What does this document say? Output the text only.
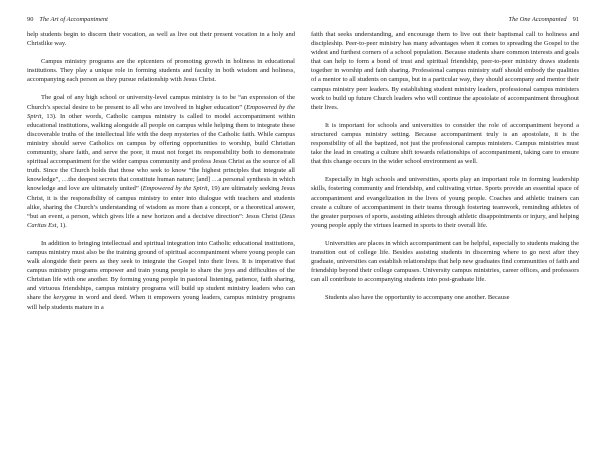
90 The Art of Accompaniment

help students begin to discern their vocation, as well as live out their present vocation in a holy and Christlike way.

Campus ministry programs are the epicenters of promoting growth in holiness in educational institutions. They play a unique role in forming students and faculty in both wisdom and holiness, accompanying each person as they pursue relationship with Jesus Christ.

The goal of any high school or university-level campus ministry is to be “an expression of the Church’s special desire to be present to all who are involved in higher education” (Empowered by the Spirit, 13). In other words, Catholic campus ministry is called to model accompaniment within educational institutions, walking alongside all people on campus while helping them to integrate these discoverable truths of the intellectual life with the deep mysteries of the Catholic faith. While campus ministry should serve Catholics on campus by offering opportunities to worship, build Christian community, share faith, and serve the poor, it must not forget its responsibility both to demonstrate spiritual accompaniment for the wider campus community and profess Jesus Christ as the source of all truth. Since the Church holds that those who seek to know “the highest principles that integrate all knowledge”, …the deepest secrets that constitute human nature; [and] …a personal synthesis in which knowledge and love are ultimately united” (Empowered by the Spirit, 19) are ultimately seeking Jesus Christ, it is the responsibility of campus ministry to enter into dialogue with teachers and students alike, sharing the Church’s understanding of wisdom as more than a concept, or a theoretical answer, “but an event, a person, which gives life a new horizon and a decisive direction”: Jesus Christ (Deus Caritas Est, 1).

In addition to bringing intellectual and spiritual integration into Catholic educational institutions, campus ministry must also be the training ground of spiritual accompaniment where young people can walk alongside their peers as they seek to integrate the Gospel into their lives. It is imperative that campus ministry programs empower and train young people to share the joys and difficulties of the Christian life with one another. By forming young people in pastoral listening, patience, faith sharing, and virtuous friendships, campus ministry programs will build up student ministry leaders who can share the kerygma in word and deed. When it empowers young leaders, campus ministry programs will help students mature in a

The One Accompanied 91

faith that seeks understanding, and encourage them to live out their baptismal call to holiness and discipleship. Peer-to-peer ministry has many advantages when it comes to spreading the Gospel to the widest and furthest corners of a school population. Because students share common interests and goals that can help to form a bond of trust and spiritual friendship, peer-to-peer ministry draws students together in worship and faith sharing. Professional campus ministry staff should embody the qualities of a mentor to all students on campus, but in a particular way, they should accompany and mentor their campus ministry peer leaders. By establishing student ministry leaders, professional campus ministers work to build up future Church leaders who will continue the apostolate of accompaniment throughout their lives.

It is important for schools and universities to consider the role of accompaniment beyond a structured campus ministry setting. Because accompaniment truly is an apostolate, it is the responsibility of all the baptized, not just the professional campus ministers. Campus ministries must take the lead in creating a culture shift towards relationships of accompaniment, taking care to ensure that this change occurs in the wider school environment as well.

Especially in high schools and universities, sports play an important role in forming leadership skills, fostering community and friendship, and cultivating virtue. Sports provide an essential space of accompaniment and evangelization in the lives of young people. Coaches and athletic trainers can create a culture of accompaniment in their teams through fostering teamwork, reminding athletes of the greater purposes of sports, assisting athletes through athletic disappointments or injury, and helping young people apply the virtues learned in sports to their overall life.

Universities are places in which accompaniment can be helpful, especially to students making the transition out of college life. Besides assisting students in discerning where to go next after they graduate, universities can establish relationships that help new graduates find communities of faith and friendship beyond their college campuses. University campus ministries, career offices, and professors can all contribute to accompanying students into post-graduate life.

Students also have the opportunity to accompany one another. Because
